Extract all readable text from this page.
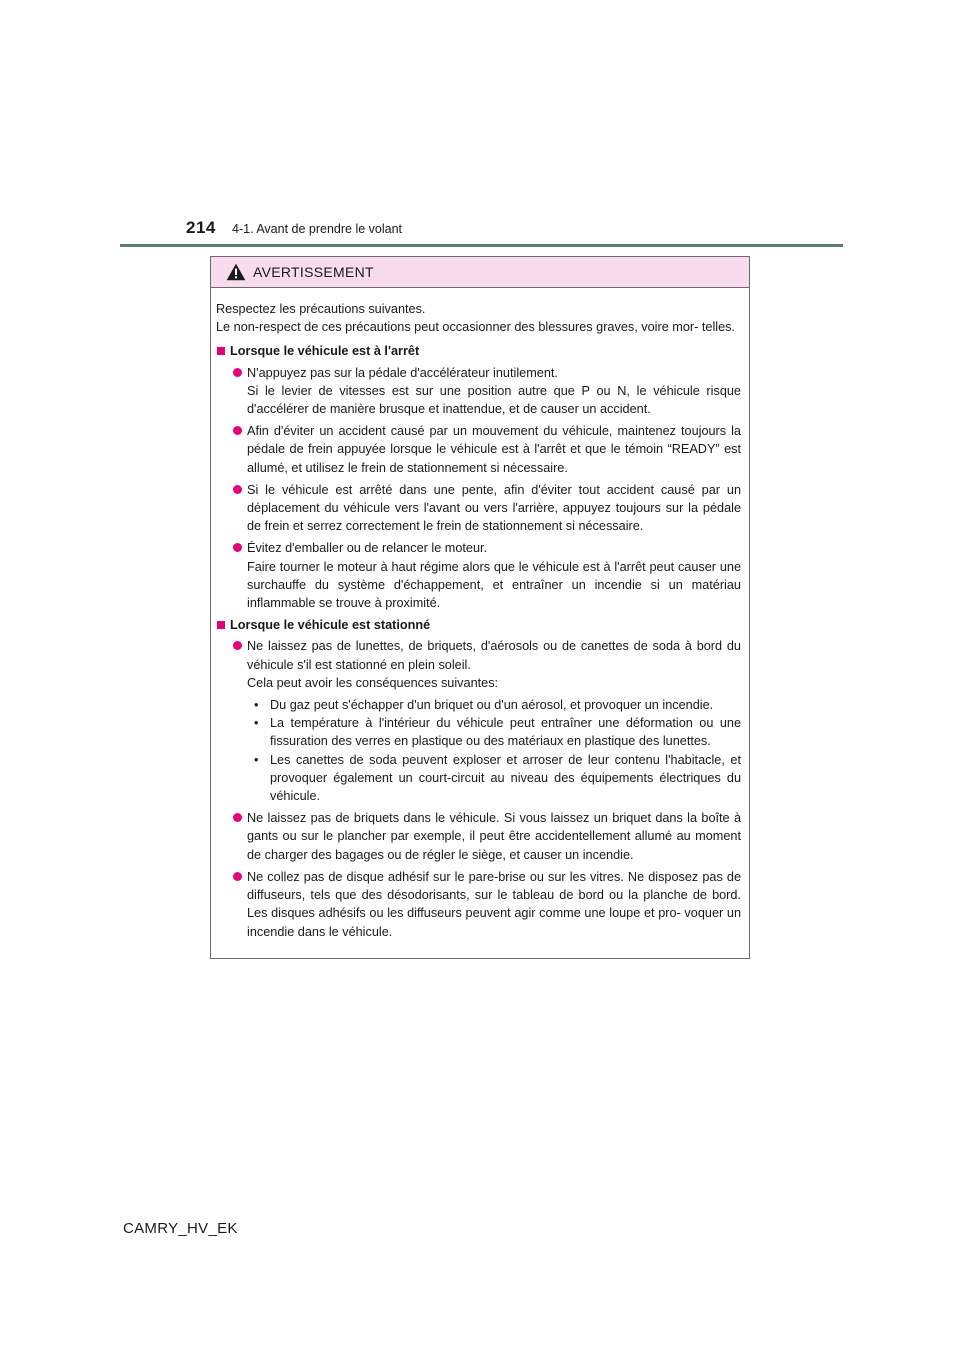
214 4-1. Avant de prendre le volant
AVERTISSEMENT

Respectez les précautions suivantes.
Le non-respect de ces précautions peut occasionner des blessures graves, voire mor- telles.

Lorsque le véhicule est à l'arrêt

N'appuyez pas sur la pédale d'accélérateur inutilement.

Si le levier de vitesses est sur une position autre que P ou N, le véhicule risque d'accélérer de manière brusque et inattendue, et de causer un accident.

Afin d'éviter un accident causé par un mouvement du véhicule, maintenez toujours la pédale de frein appuyée lorsque le véhicule est à l'arrêt et que le témoin “READY” est allumé, et utilisez le frein de stationnement si nécessaire.

Si le véhicule est arrêté dans une pente, afin d'éviter tout accident causé par un déplacement du véhicule vers l'avant ou vers l'arrière, appuyez toujours sur la pédale de frein et serrez correctement le frein de stationnement si nécessaire.

Évitez d'emballer ou de relancer le moteur.

Faire tourner le moteur à haut régime alors que le véhicule est à l'arrêt peut causer une surchauffe du système d'échappement, et entraîner un incendie si un matériau inflammable se trouve à proximité.

Lorsque le véhicule est stationné

Ne laissez pas de lunettes, de briquets, d'aérosols ou de canettes de soda à bord du véhicule s'il est stationné en plein soleil.

Cela peut avoir les conséquences suivantes:

• Du gaz peut s'échapper d'un briquet ou d'un aérosol, et provoquer un incendie.
• La température à l'intérieur du véhicule peut entraîner une déformation ou une fissuration des verres en plastique ou des matériaux en plastique des lunettes.
• Les canettes de soda peuvent exploser et arroser de leur contenu l'habitacle, et provoquer également un court-circuit au niveau des équipements électriques du véhicule.

Ne laissez pas de briquets dans le véhicule. Si vous laissez un briquet dans la boîte à gants ou sur le plancher par exemple, il peut être accidentellement allumé au moment de charger des bagages ou de régler le siège, et causer un incendie.

Ne collez pas de disque adhésif sur le pare-brise ou sur les vitres. Ne disposez pas de diffuseurs, tels que des désodorisants, sur le tableau de bord ou la planche de bord. Les disques adhésifs ou les diffuseurs peuvent agir comme une loupe et pro- voquer un incendie dans le véhicule.

CAMRY_HV_EK
